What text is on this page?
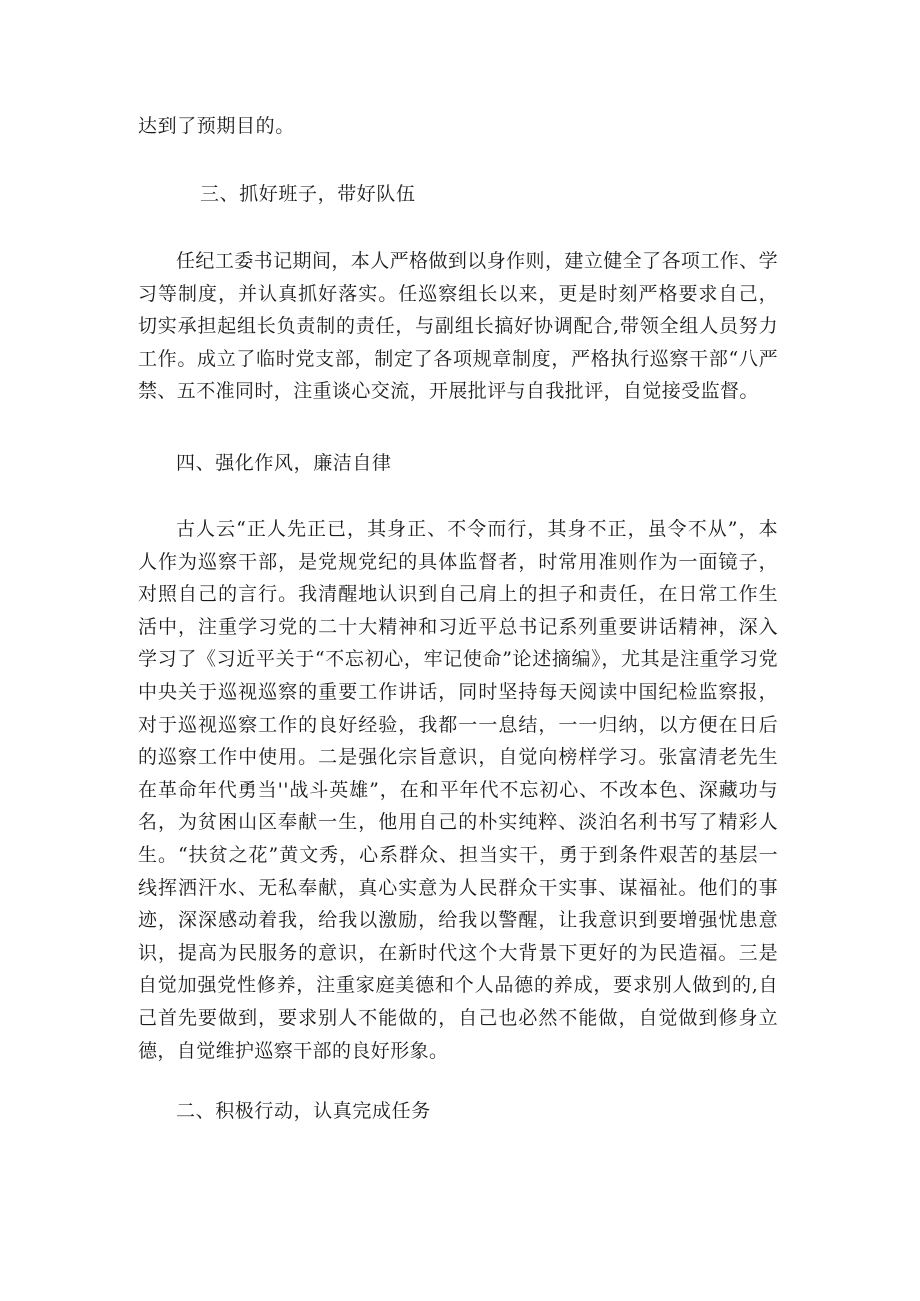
达到了预期目的。
三、抓好班子，带好队伍

任纪工委书记期间，本人严格做到以身作则，建立健全了各项工作、学习等制度，并认真抓好落实。任巡察组长以来，更是时刻严格要求自己，切实承担起组长负责制的责任，与副组长搞好协调配合,带领全组人员努力工作。成立了临时党支部，制定了各项规章制度，严格执行巡察干部“八严禁、五不准同时，注重谈心交流，开展批评与自我批评，自觉接受监督。

四、强化作风，廉洁自律

古人云“正人先正已，其身正、不令而行，其身不正，虽令不从”，本人作为巡察干部，是党规党纪的具体监督者，时常用准则作为一面镜子，对照自己的言行。我清醒地认识到自己肩上的担子和责任，在日常工作生活中，注重学习党的二十大精神和习近平总书记系列重要讲话精神，深入学习了《习近平关于“不忘初心，牢记使命”论述摘编》，尤其是注重学习党中央关于巡视巡察的重要工作讲话，同时坚持每天阅读中国纪检监察报，对于巡视巡察工作的良好经验，我都一一息结，一一归纳，以方便在日后的巡察工作中使用。二是强化宗旨意识，自觉向榜样学习。张富清老先生在革命年代勇当''战斗英雄”，在和平年代不忘初心、不改本色、深藏功与名，为贫困山区奉献一生，他用自己的朴实纯粹、淡泊名利书写了精彩人生。“扶贫之花”黄文秀，心系群众、担当实干，勇于到条件艰苦的基层一线挥洒汗水、无私奉献，真心实意为人民群众干实事、谋福祉。他们的事迹，深深感动着我，给我以激励，给我以警醒，让我意识到要增强忧患意识，提高为民服务的意识，在新时代这个大背景下更好的为民造福。三是自觉加强党性修养，注重家庭美德和个人品德的养成，要求别人做到的,自己首先要做到，要求别人不能做的，自己也必然不能做，自觉做到修身立德，自觉维护巡察干部的良好形象。

二、积极行动，认真完成任务
